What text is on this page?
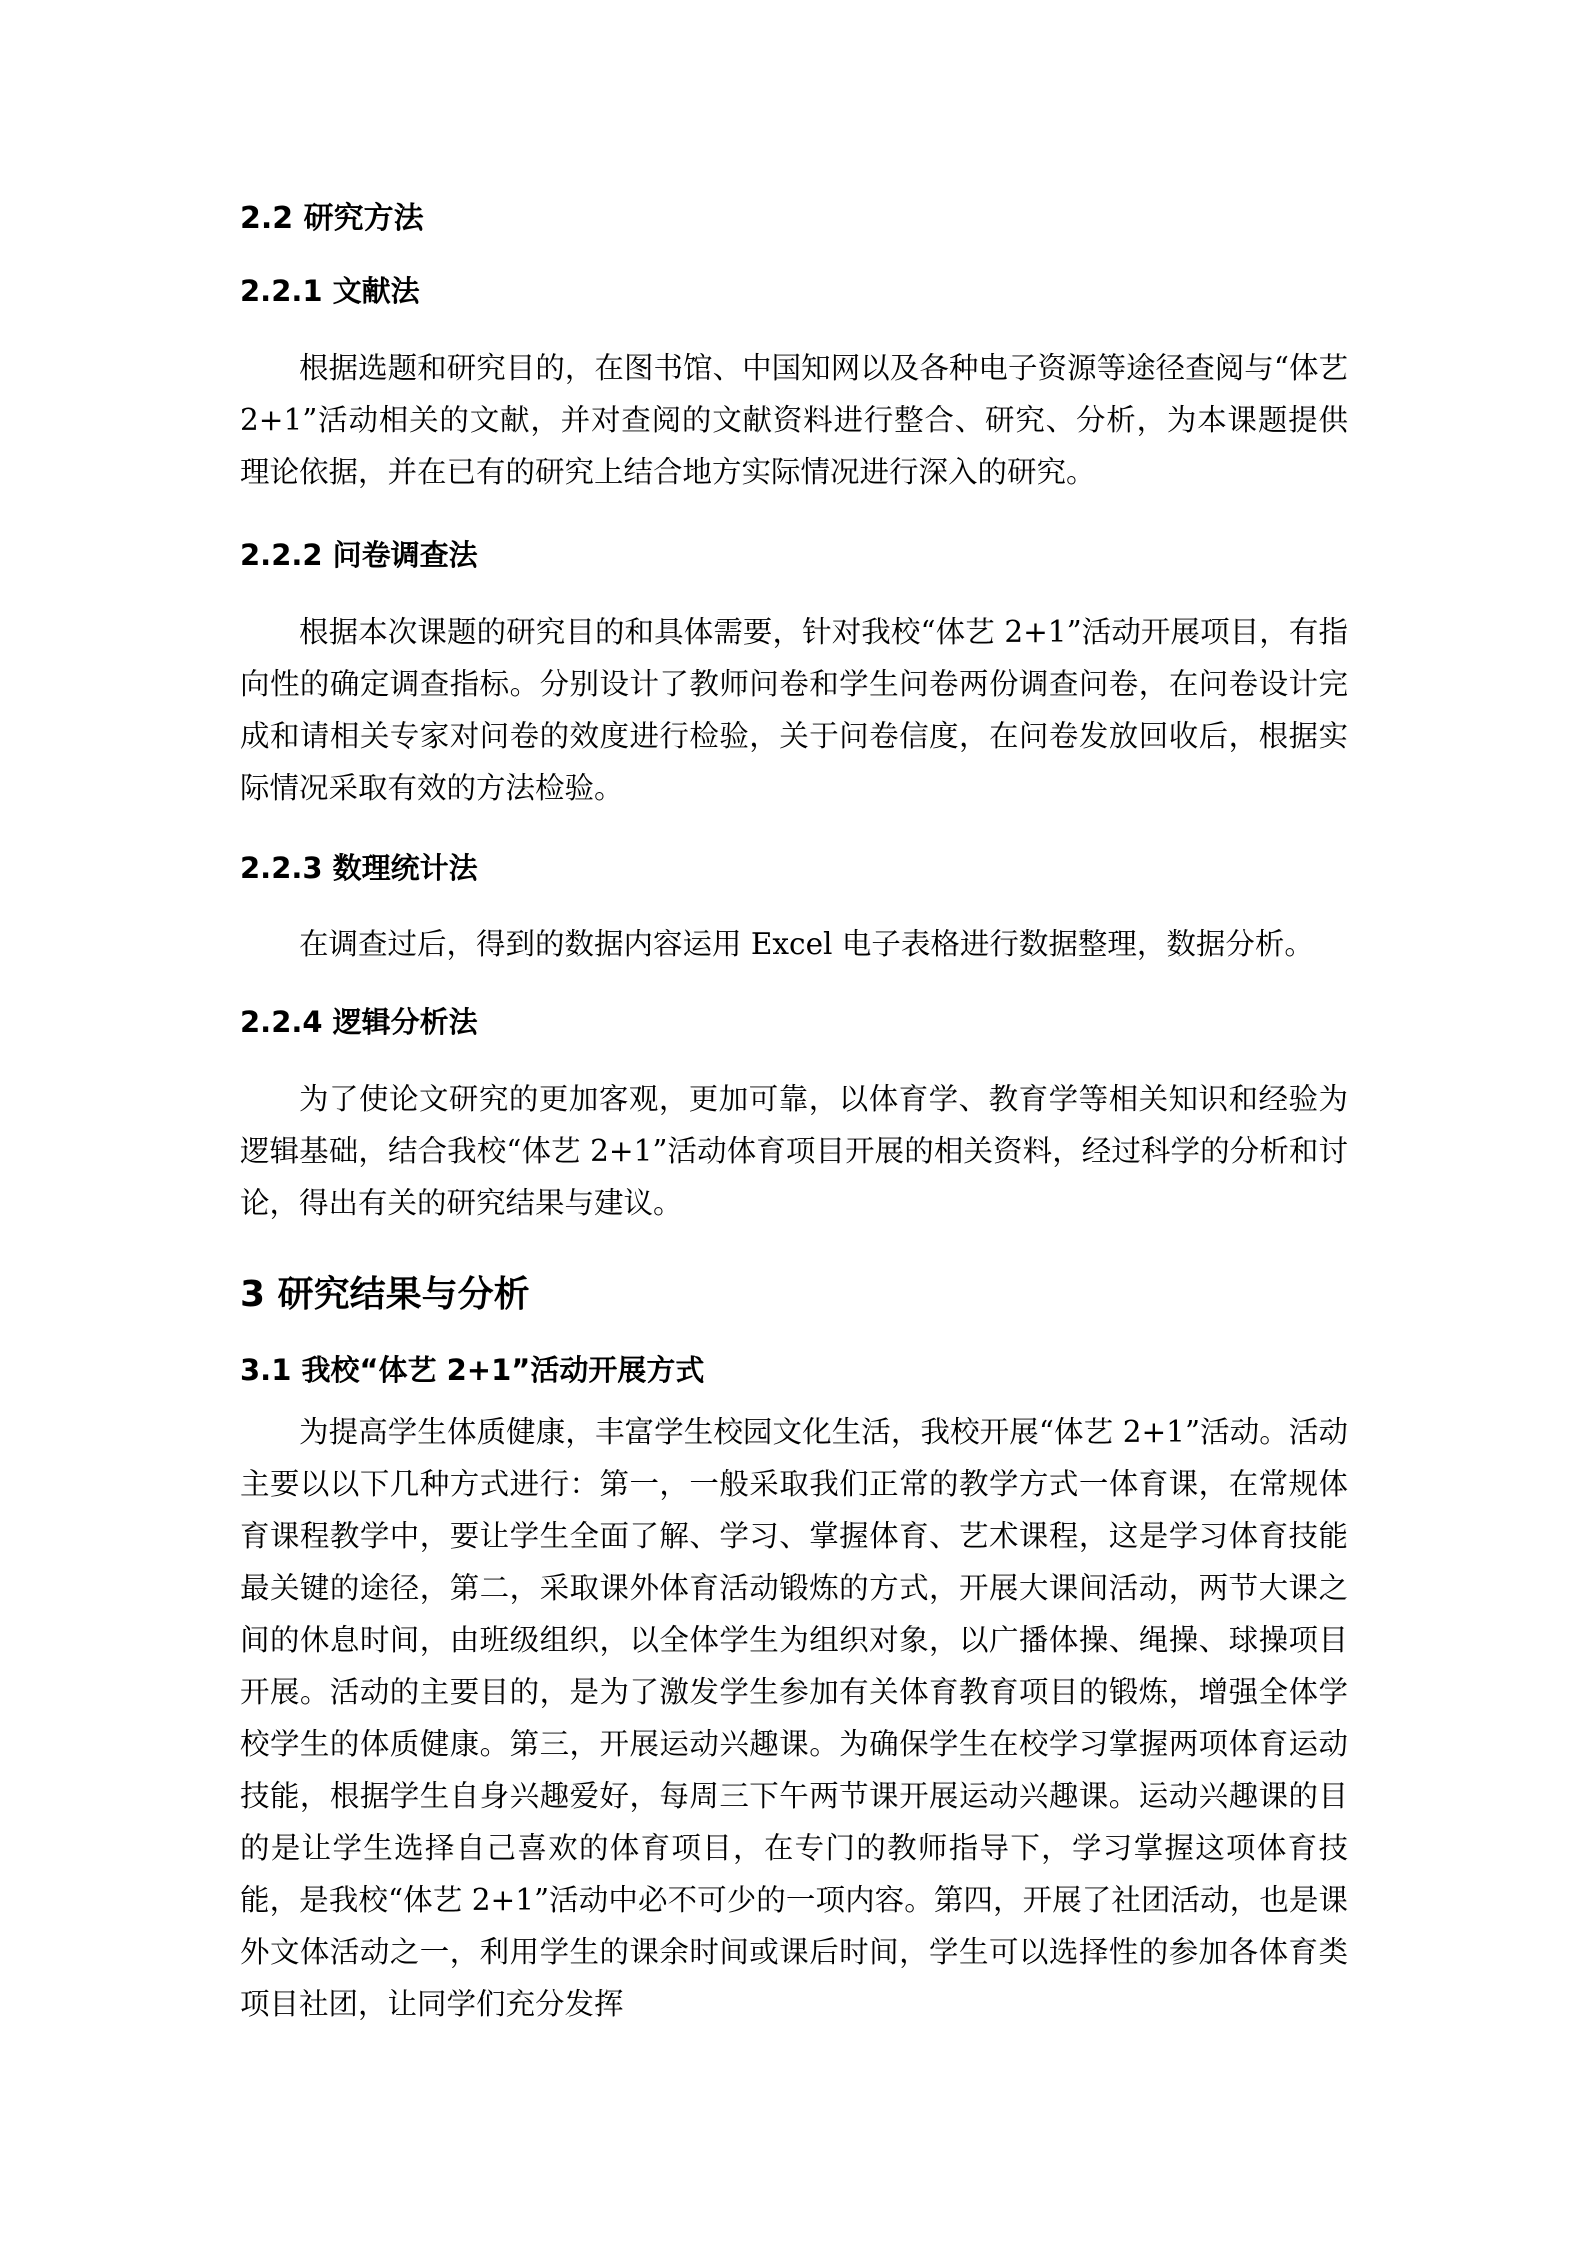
2.2 研究方法
2.2.1 文献法

根据选题和研究目的，在图书馆、中国知网以及各种电子资源等途径查阅与“体艺 2+1”活动相关的文献，并对查阅的文献资料进行整合、研究、分析，为本课题提供理论依据，并在已有的研究上结合地方实际情况进行深入的研究。

2.2.2 问卷调查法

根据本次课题的研究目的和具体需要，针对我校“体艺 2+1”活动开展项目，有指向性的确定调查指标。分别设计了教师问卷和学生问卷两份调查问卷，在问卷设计完成和请相关专家对问卷的效度进行检验，关于问卷信度，在问卷发放回收后，根据实际情况采取有效的方法检验。

2.2.3 数理统计法

在调查过后，得到的数据内容运用 Excel 电子表格进行数据整理，数据分析。

2.2.4 逻辑分析法

为了使论文研究的更加客观，更加可靠，以体育学、教育学等相关知识和经验为逻辑基础，结合我校“体艺 2+1”活动体育项目开展的相关资料，经过科学的分析和讨论，得出有关的研究结果与建议。

3 研究结果与分析
3.1 我校“体艺 2+1”活动开展方式

为提高学生体质健康，丰富学生校园文化生活，我校开展“体艺 2+1”活动。活动主要以以下几种方式进行：第一，一般采取我们正常的教学方式一体育课，在常规体育课程教学中，要让学生全面了解、学习、掌握体育、艺术课程，这是学习体育技能最关键的途径，第二，采取课外体育活动锻炼的方式，开展大课间活动，两节大课之间的休息时间，由班级组织，以全体学生为组织对象，以广播体操、绳操、球操项目开展。活动的主要目的，是为了激发学生参加有关体育教育项目的锻炼，增强全体学校学生的体质健康。第三，开展运动兴趣课。为确保学生在校学习掌握两项体育运动技能，根据学生自身兴趣爱好，每周三下午两节课开展运动兴趣课。运动兴趣课的目的是让学生选择自己喜欢的体育项目，在专门的教师指导下，学习掌握这项体育技能，是我校“体艺 2+1”活动中必不可少的一项内容。第四，开展了社团活动，也是课外文体活动之一，利用学生的课余时间或课后时间，学生可以选择性的参加各体育类项目社团，让同学们充分发挥
